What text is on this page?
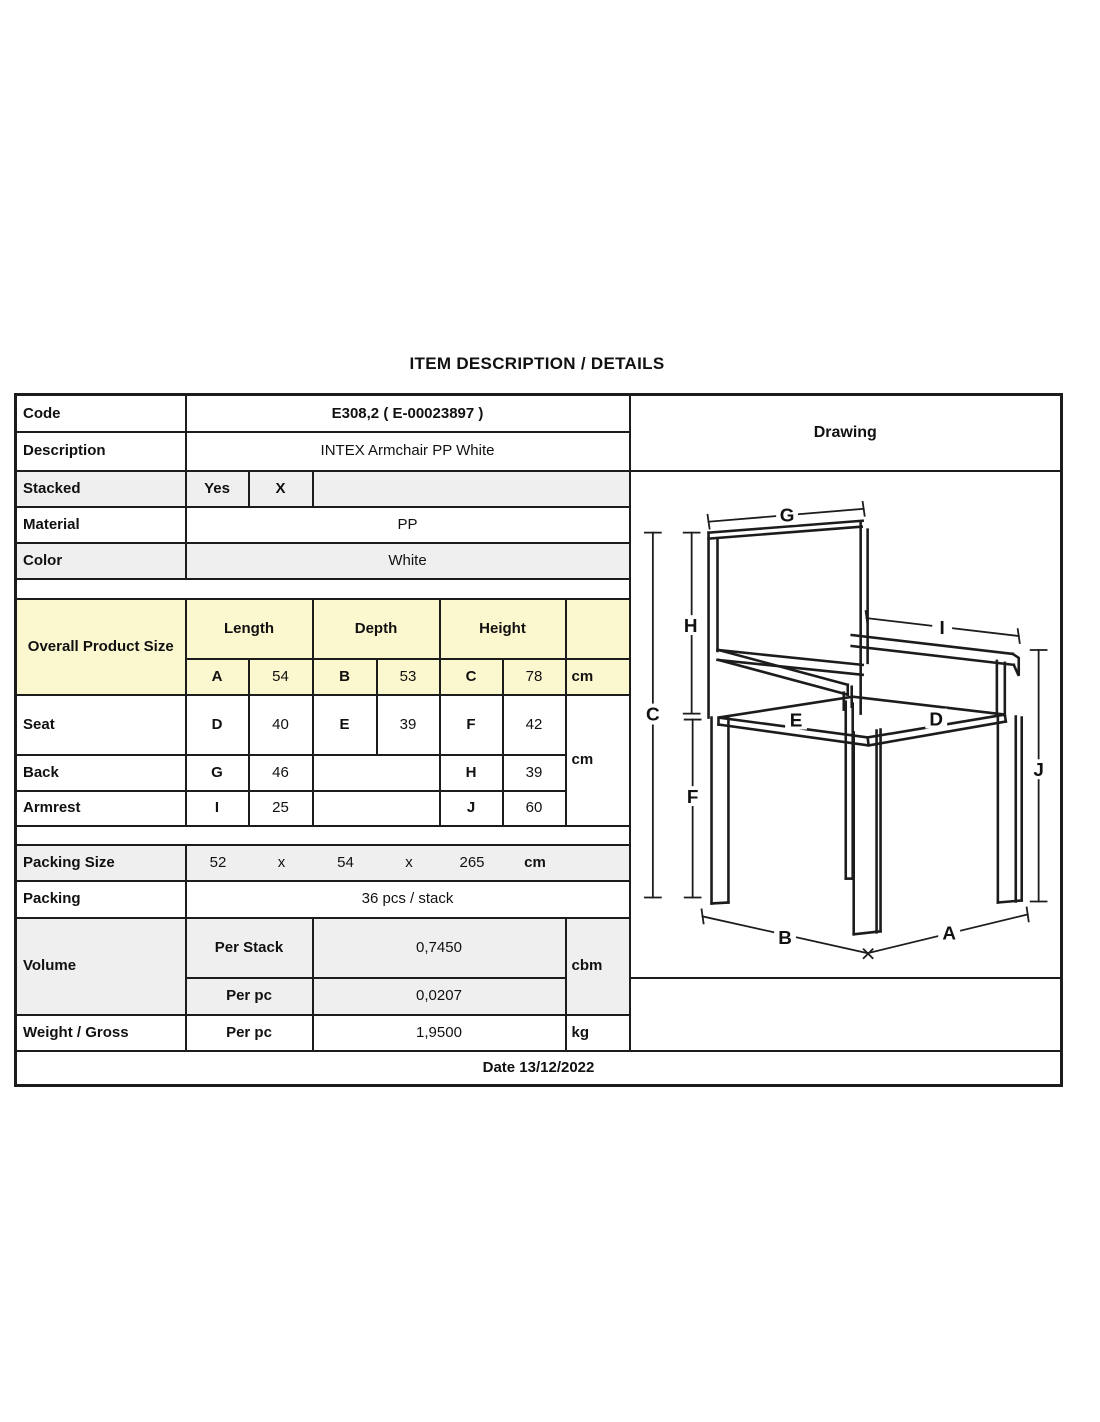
ITEM DESCRIPTION / DETAILS
Code	E308,2 ( E-00023897 )							Drawing
Description	INTEX Armchair PP White							
Stacked	Yes	X		
G
H
C
F
I
J
E	D
B	A

Material	PP							
Color	White							

Overall Product Size	Length		Depth		Height			
	A	54	B	53	C	78	cm	
Seat	D	40	E	39	F	42	cm	
Back	G	46			H	39		
Armrest	I	25			J	60		

Packing Size	52	x	54	x	265	cm

Packing	36 pcs / stack							
Volume	Per Stack		0,7450				cbm	
	Per pc		0,0207					
Weight / Gross	Per pc		1,9500				kg	
Date 13/12/2022								
